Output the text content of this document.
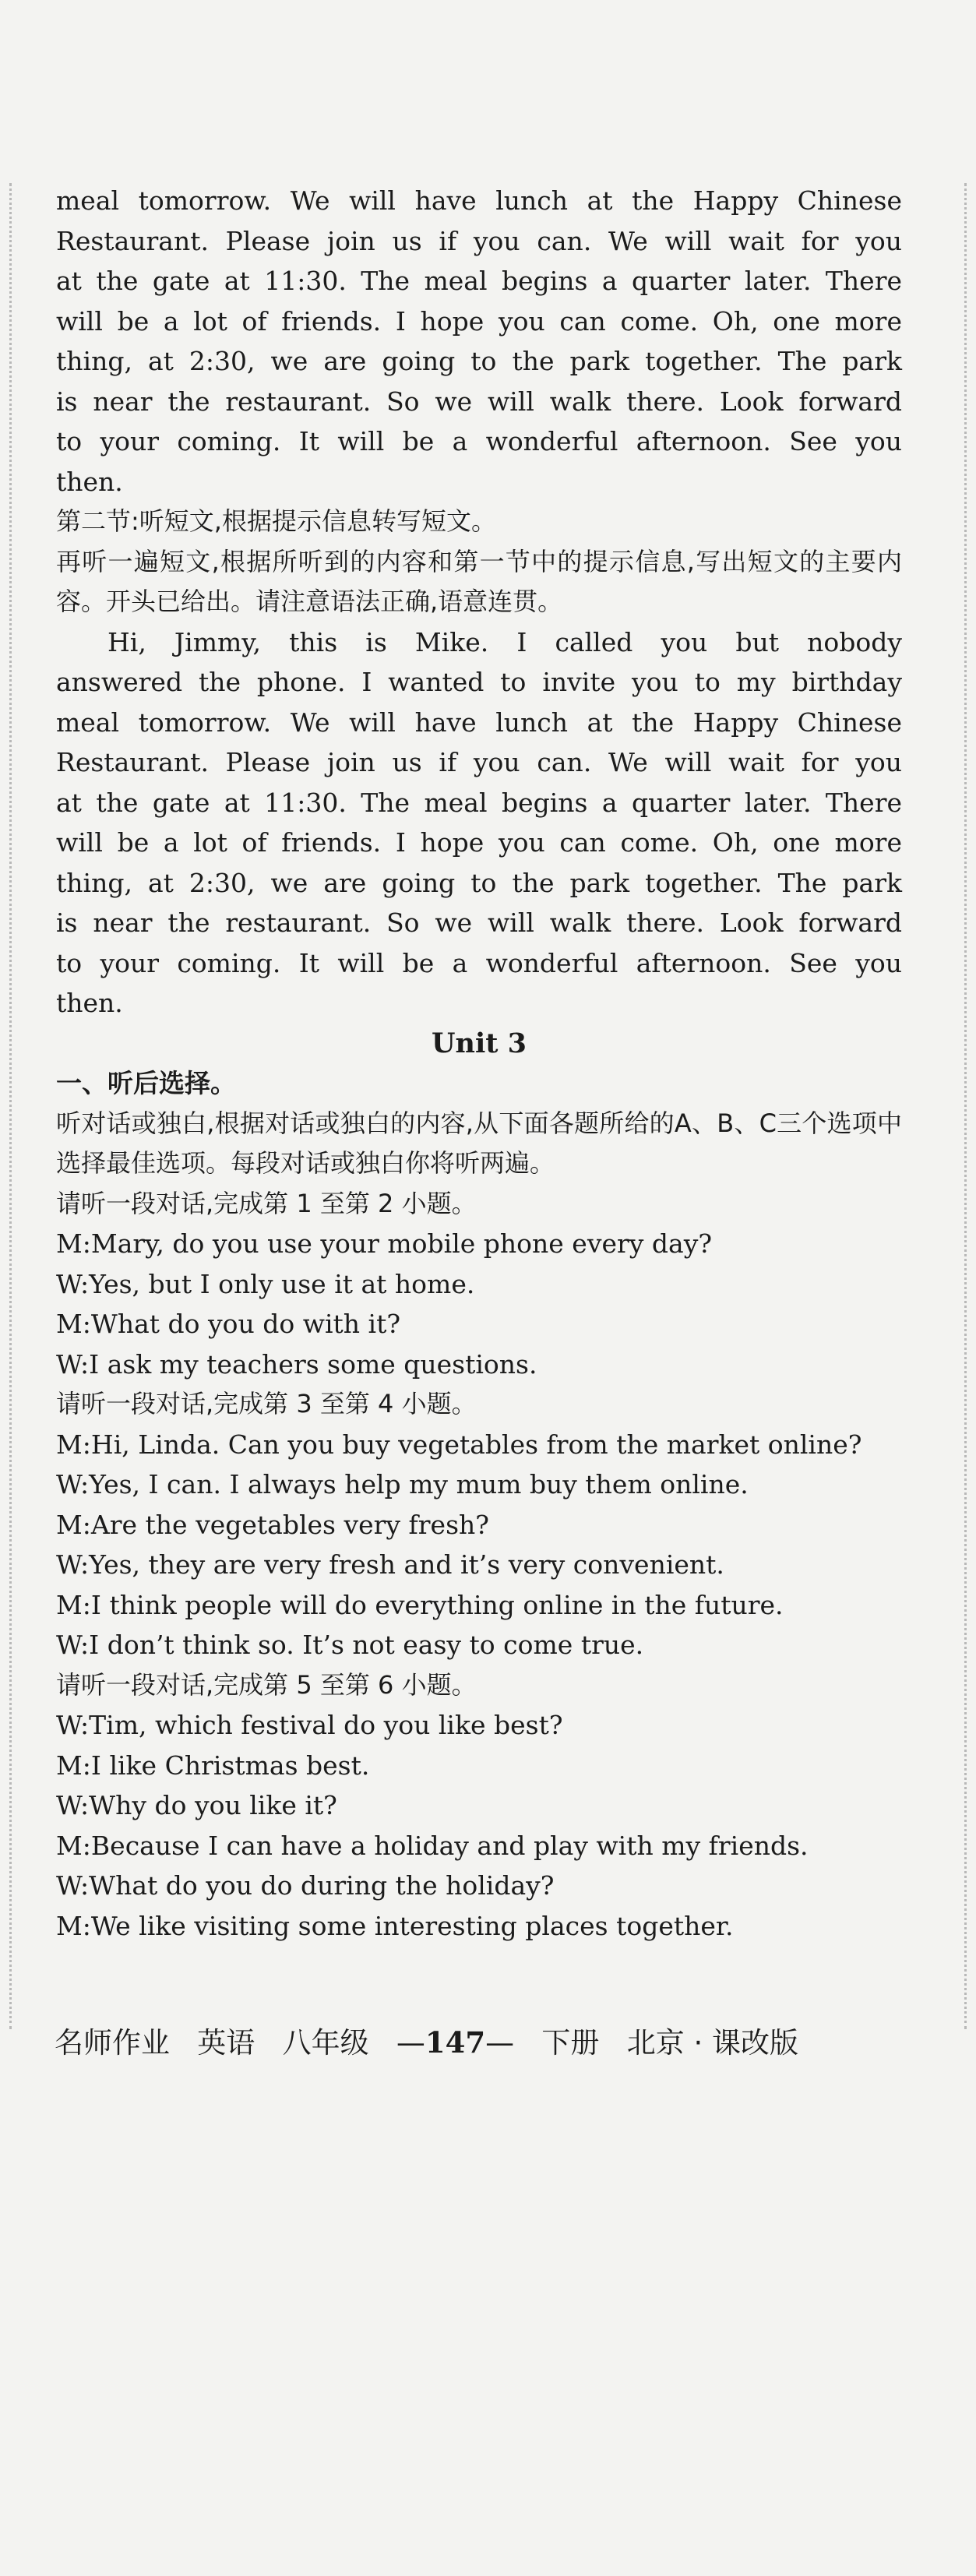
meal tomorrow. We will have lunch at the Happy Chinese

Restaurant. Please join us if you can. We will wait for you

at the gate at 11:30. The meal begins a quarter later. There

will be a lot of friends. I hope you can come. Oh, one more

thing, at 2:30, we are going to the park together. The park

is near the restaurant. So we will walk there. Look forward

to your coming. It will be a wonderful afternoon. See you

then.

第二节:听短文,根据提示信息转写短文。

再听一遍短文,根据所听到的内容和第一节中的提示信息,写出短文的主要内容。开头已给出。请注意语法正确,语意连贯。

Hi, Jimmy, this is Mike. I called you but nobody

answered the phone. I wanted to invite you to my birthday

meal tomorrow. We will have lunch at the Happy Chinese

Restaurant. Please join us if you can. We will wait for you

at the gate at 11:30. The meal begins a quarter later. There

will be a lot of friends. I hope you can come. Oh, one more

thing, at 2:30, we are going to the park together. The park

is near the restaurant. So we will walk there. Look forward

to your coming. It will be a wonderful afternoon. See you

then.

Unit 3

一、听后选择。

听对话或独白,根据对话或独白的内容,从下面各题所给的A、B、C三个选项中选择最佳选项。每段对话或独白你将听两遍。

请听一段对话,完成第 1 至第 2 小题。

M: Mary, do you use your mobile phone every day?
W: Yes, but I only use it at home.
M: What do you do with it?
W: I ask my teachers some questions.

请听一段对话,完成第 3 至第 4 小题。

M: Hi, Linda. Can you buy vegetables from the market online?
W: Yes, I can. I always help my mum buy them online.
M: Are the vegetables very fresh?
W: Yes, they are very fresh and it’s very convenient.
M: I think people will do everything online in the future.
W: I don’t think so. It’s not easy to come true.

请听一段对话,完成第 5 至第 6 小题。

W: Tim, which festival do you like best?
M: I like Christmas best.
W: Why do you like it?
M: Because I can have a holiday and play with my friends.
W: What do you do during the holiday?
M: We like visiting some interesting places together.
名师作业 英语 八年级   —147—   下册 北京 · 课改版
